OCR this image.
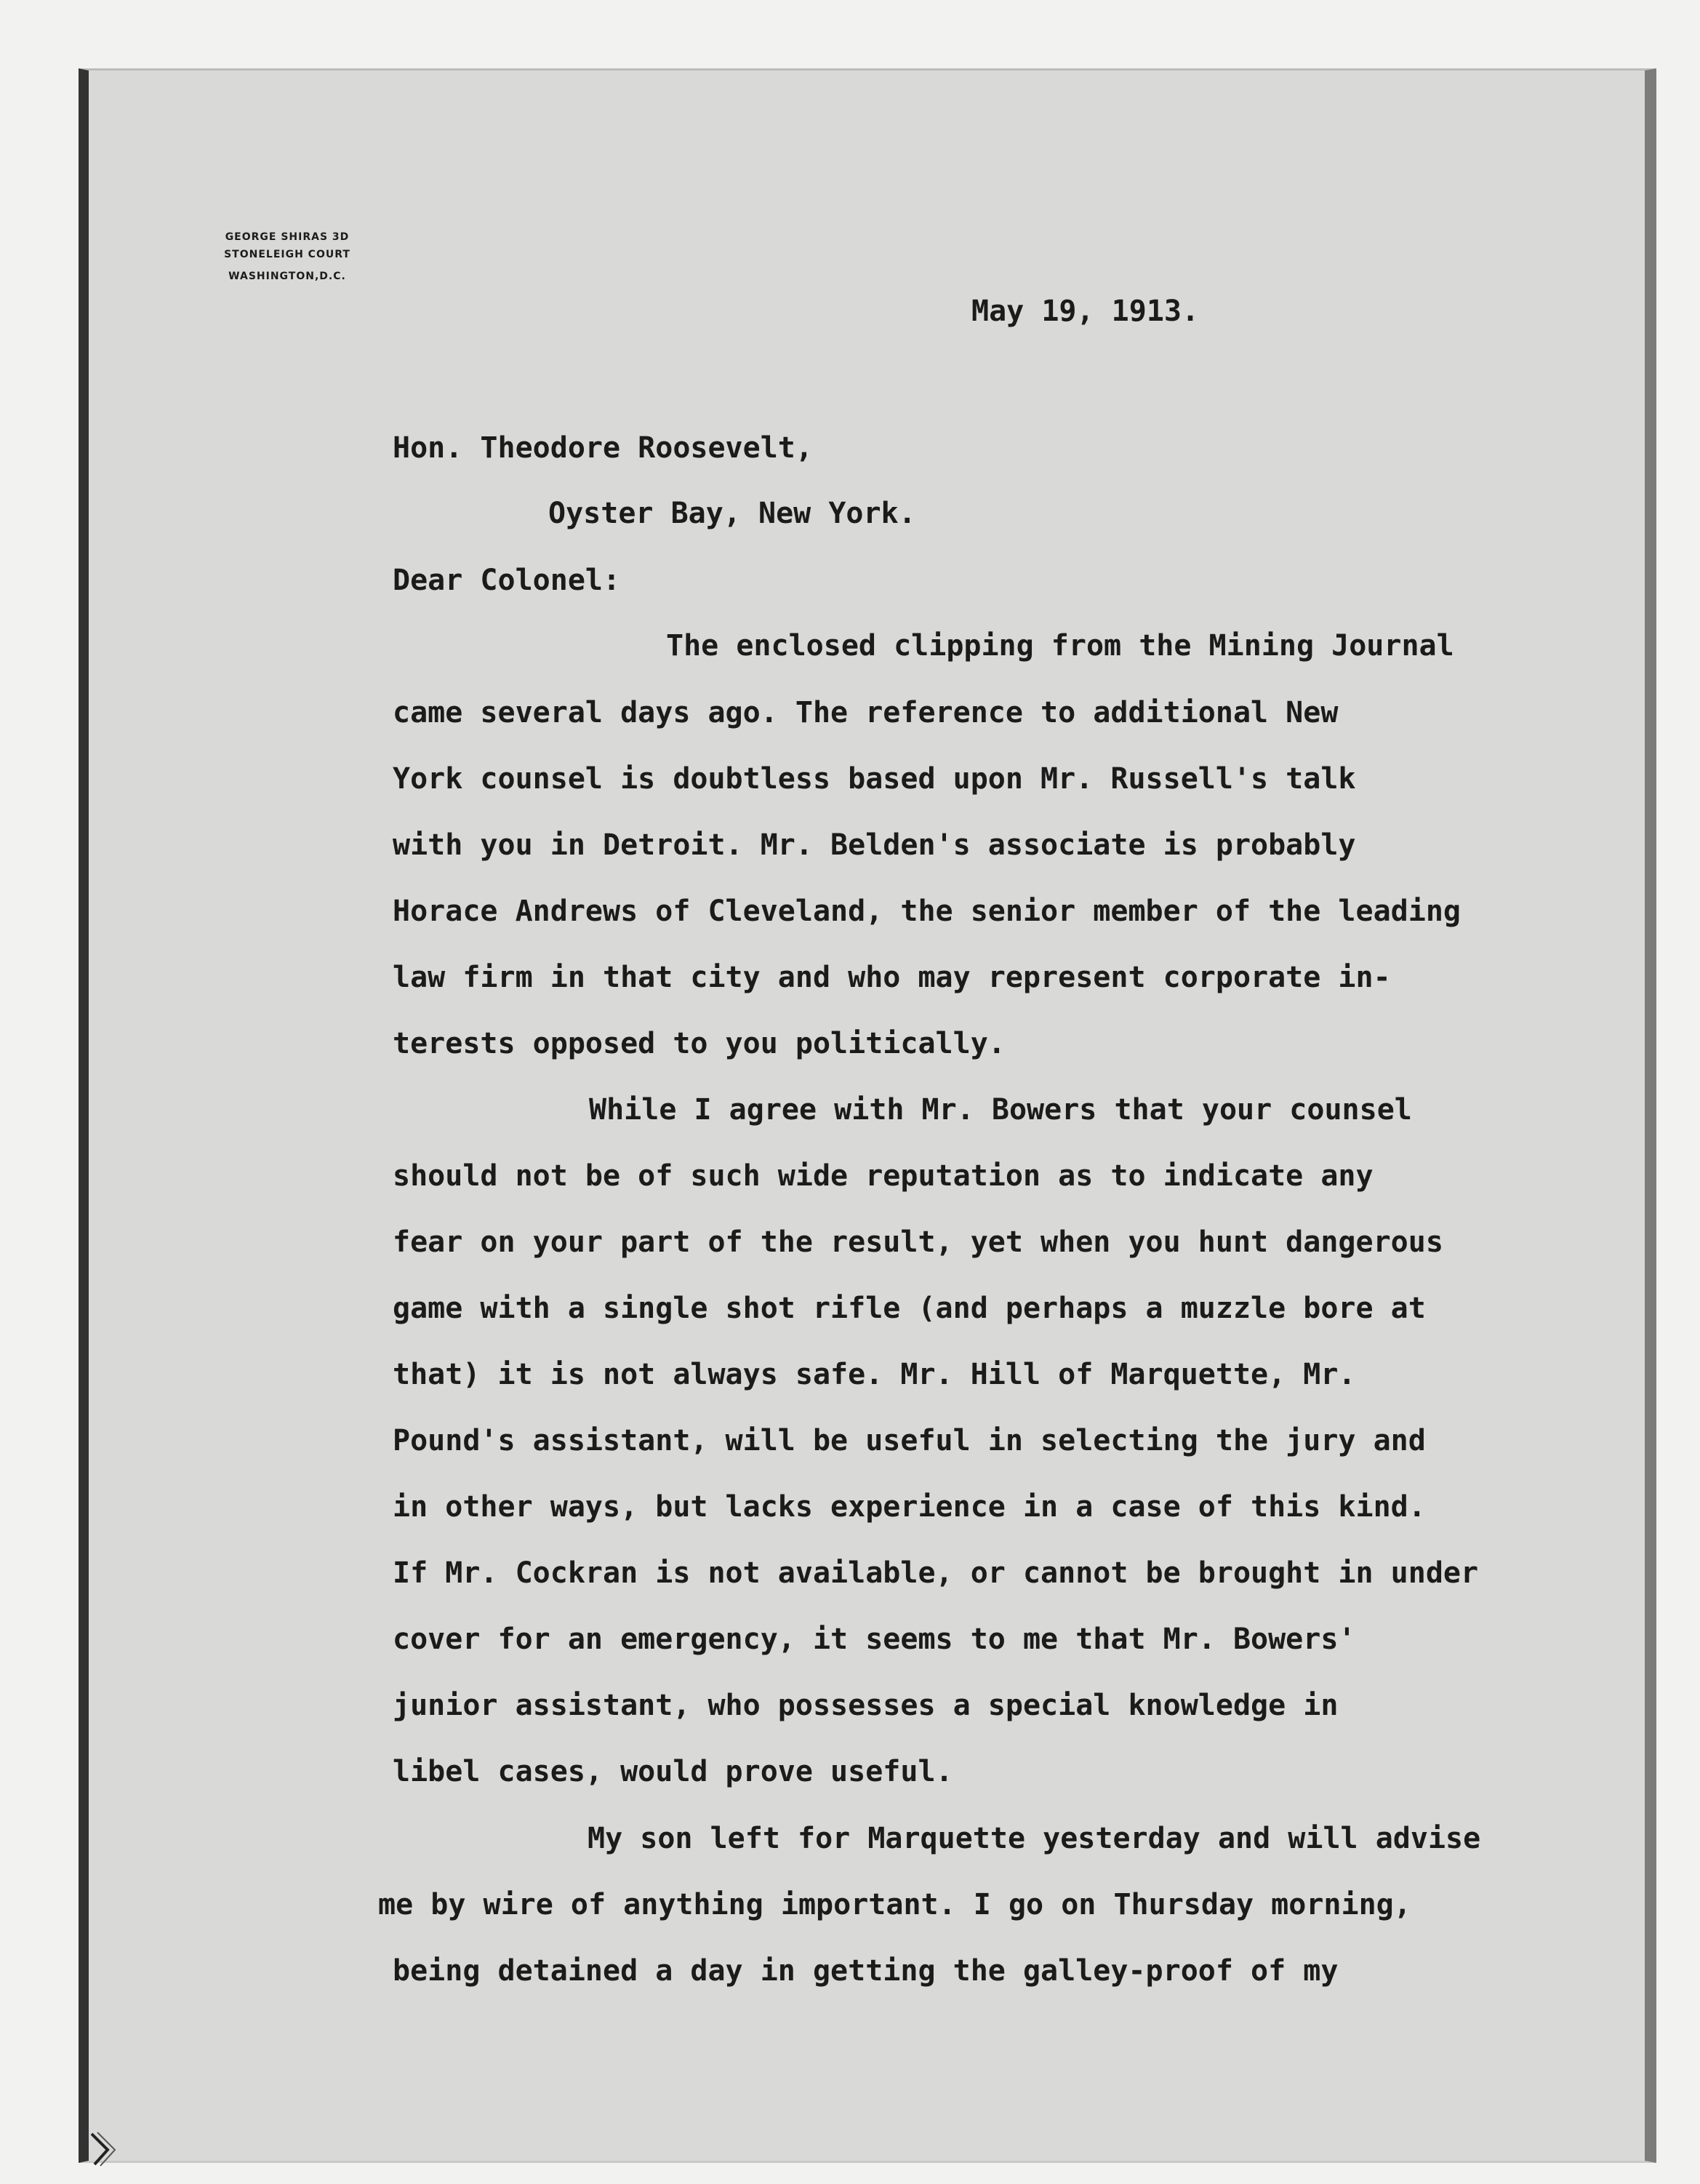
GEORGE SHIRAS 3D
STONELEIGH COURT
WASHINGTON,D.C.
May 19, 1913.
Hon. Theodore Roosevelt,
Oyster Bay, New York.
Dear Colonel:
The enclosed clipping from the Mining Journal
came several days ago. The reference to additional New
York counsel is doubtless based upon Mr. Russell's talk
with you in Detroit. Mr. Belden's associate is probably
Horace Andrews of Cleveland, the senior member of the leading
law firm in that city and who may represent corporate in-
terests opposed to you politically.
While I agree with Mr. Bowers that your counsel
should not be of such wide reputation as to indicate any
fear on your part of the result, yet when you hunt dangerous
game with a single shot rifle (and perhaps a muzzle bore at
that) it is not always safe. Mr. Hill of Marquette, Mr.
Pound's assistant, will be useful in selecting the jury and
in other ways, but lacks experience in a case of this kind.
If Mr. Cockran is not available, or cannot be brought in under
cover for an emergency, it seems to me that Mr. Bowers'
junior assistant, who possesses a special knowledge in
libel cases, would prove useful.
My son left for Marquette yesterday and will advise
me by wire of anything important. I go on Thursday morning,
being detained a day in getting the galley-proof of my
